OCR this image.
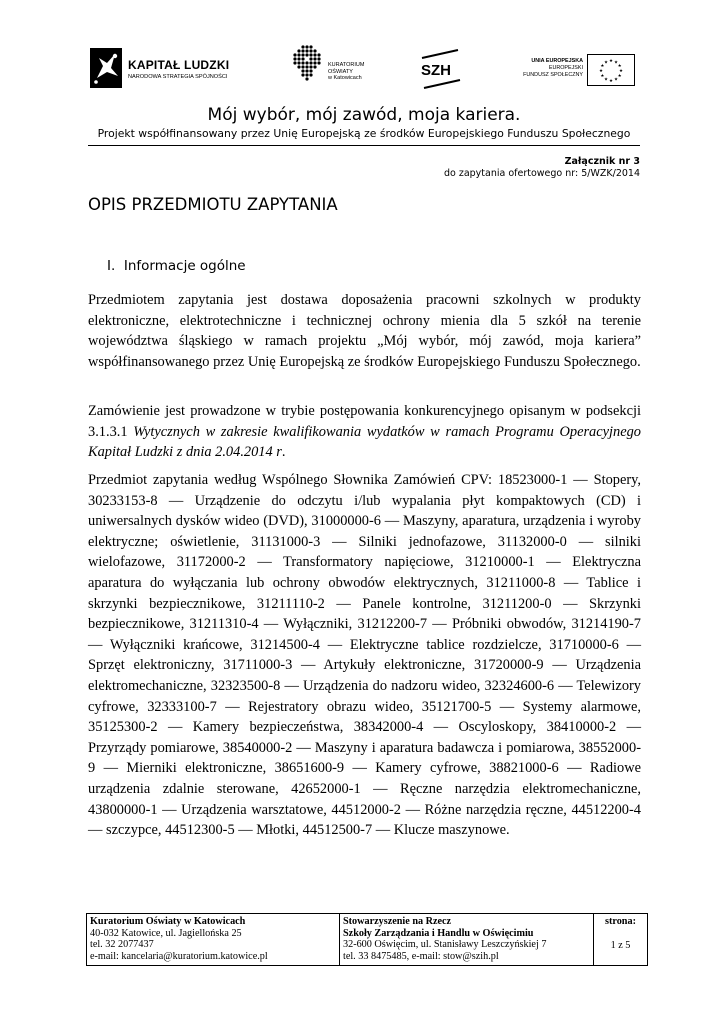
KAPITAŁ LUDZKI
NARODOWA STRATEGIA SPÓJNOŚCI
KURATORIUM
OŚWIATY
w Katowicach	SZH
UNIA EUROPEJSKA
EUROPEJSKI
FUNDUSZ SPOŁECZNY
★ ★
★
★
★
★
★
★
★
★
★
★
Mój wybór, mój zawód, moja kariera.
Projekt współfinansowany przez Unię Europejską ze środków Europejskiego Funduszu Społecznego
Załącznik nr 3
do zapytania ofertowego nr: 5/WZK/2014
OPIS PRZEDMIOTU ZAPYTANIA
I.  Informacje ogólne

Przedmiotem zapytania jest dostawa doposażenia pracowni szkolnych w produkty elektroniczne, elektrotechniczne i technicznej ochrony mienia dla 5 szkół na terenie województwa śląskiego w ramach projektu „Mój wybór, mój zawód, moja kariera” współfinansowanego przez Unię Europejską ze środków Europejskiego Funduszu Społecznego.

Zamówienie jest prowadzone w trybie postępowania konkurencyjnego opisanym w podsekcji 3.1.3.1 Wytycznych w zakresie kwalifikowania wydatków w ramach Programu Operacyjnego Kapitał Ludzki z dnia 2.04.2014 r.

Przedmiot zapytania według Wspólnego Słownika Zamówień CPV: 18523000-1 — Stopery, 30233153-8 — Urządzenie do odczytu i/lub wypalania płyt kompaktowych (CD) i uniwersalnych dysków wideo (DVD), 31000000-6 — Maszyny, aparatura, urządzenia i wyroby elektryczne; oświetlenie, 31131000-3 — Silniki jednofazowe, 31132000-0 — silniki wielofazowe, 31172000-2 — Transformatory napięciowe, 31210000-1 — Elektryczna aparatura do wyłączania lub ochrony obwodów elektrycznych, 31211000-8 — Tablice i skrzynki bezpiecznikowe, 31211110-2 — Panele kontrolne, 31211200-0 — Skrzynki bezpiecznikowe, 31211310-4 — Wyłączniki, 31212200-7 — Próbniki obwodów, 31214190-7 — Wyłączniki krańcowe, 31214500-4 — Elektryczne tablice rozdzielcze, 31710000-6 — Sprzęt elektroniczny, 31711000-3 — Artykuły elektroniczne, 31720000-9 — Urządzenia elektromechaniczne, 32323500-8 — Urządzenia do nadzoru wideo, 32324600-6 — Telewizory cyfrowe, 32333100-7 — Rejestratory obrazu wideo, 35121700-5 — Systemy alarmowe, 35125300-2 — Kamery bezpieczeństwa, 38342000-4 — Oscyloskopy, 38410000-2 — Przyrządy pomiarowe, 38540000-2 — Maszyny i aparatura badawcza i pomiarowa, 38552000-9 — Mierniki elektroniczne, 38651600-9 — Kamery cyfrowe, 38821000-6 — Radiowe urządzenia zdalnie sterowane, 42652000-1 — Ręczne narzędzia elektromechaniczne, 43800000-1 — Urządzenia warsztatowe, 44512000-2 — Różne narzędzia ręczne, 44512200-4 — szczypce, 44512300-5 — Młotki, 44512500-7 — Klucze maszynowe.

Kuratorium Oświaty w Katowicach
40-032 Katowice, ul. Jagiellońska 25
tel. 32 2077437
e-mail: kancelaria@kuratorium.katowice.pl

Stowarzyszenie na Rzecz
Szkoły Zarządzania i Handlu w Oświęcimiu
32-600 Oświęcim, ul. Stanisławy Leszczyńskiej 7
tel. 33 8475485, e-mail: stow@szih.pl

strona:
1 z 5
